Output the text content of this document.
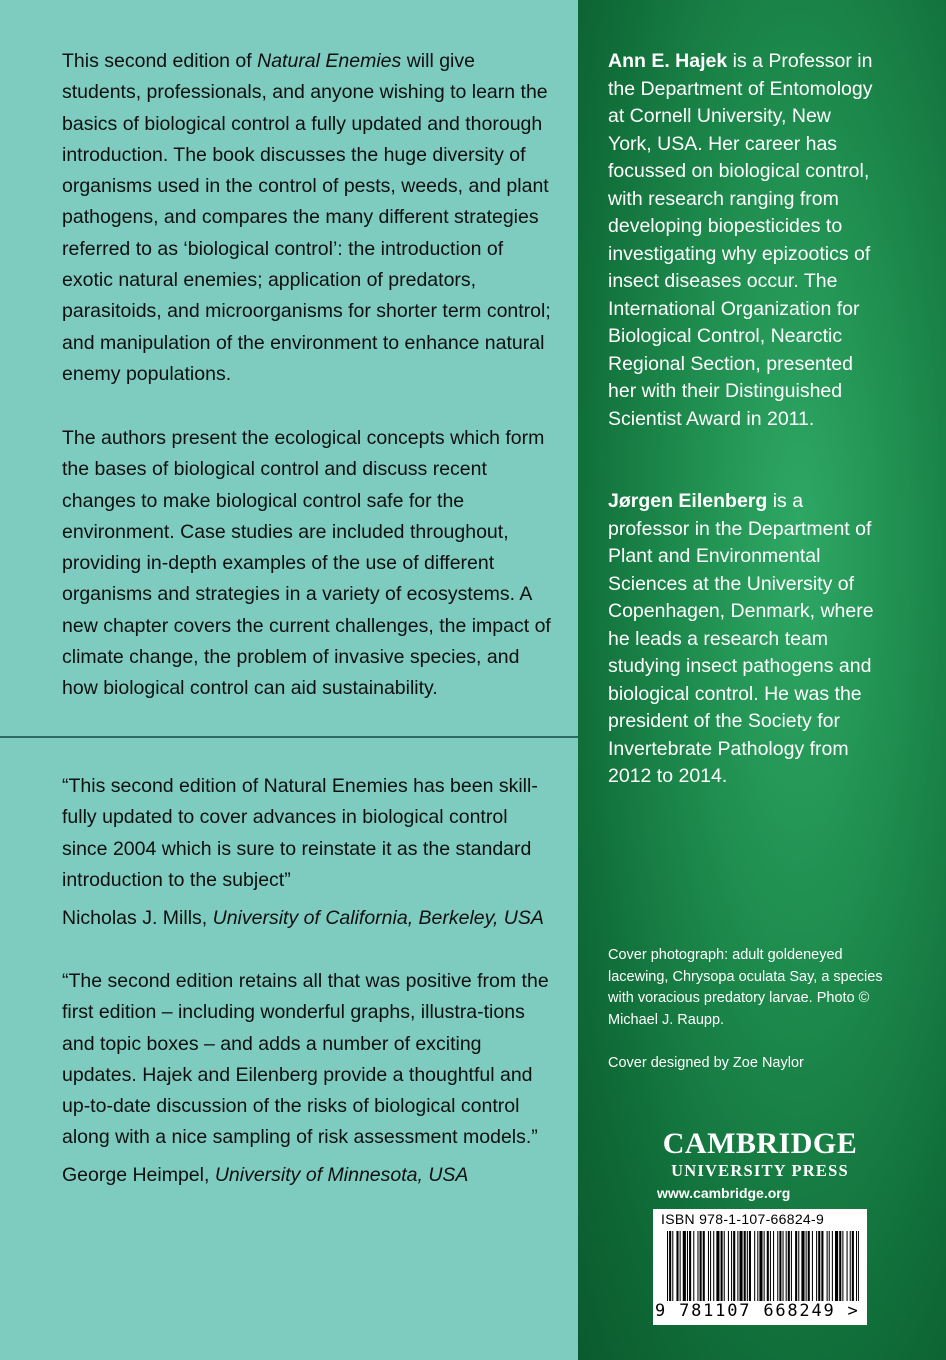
This second edition of Natural Enemies will give students, professionals, and anyone wishing to learn the basics of biological control a fully updated and thorough introduction. The book discusses the huge diversity of organisms used in the control of pests, weeds, and plant pathogens, and compares the many different strategies referred to as ‘biological control’: the introduction of exotic natural enemies; application of predators, parasitoids, and microorganisms for shorter term control; and manipulation of the environment to enhance natural enemy populations.

The authors present the ecological concepts which form the bases of biological control and discuss recent changes to make biological control safe for the environment. Case studies are included throughout, providing in-depth examples of the use of different organisms and strategies in a variety of ecosystems. A new chapter covers the current challenges, the impact of climate change, the problem of invasive species, and how biological control can aid sustainability.

“This second edition of Natural Enemies has been skill-fully updated to cover advances in biological control since 2004 which is sure to reinstate it as the standard introduction to the subject”

Nicholas J. Mills, University of California, Berkeley, USA

“The second edition retains all that was positive from the first edition – including wonderful graphs, illustra-tions and topic boxes – and adds a number of exciting updates. Hajek and Eilenberg provide a thoughtful and up-to-date discussion of the risks of biological control along with a nice sampling of risk assessment models.”

George Heimpel, University of Minnesota, USA

Ann E. Hajek is a Professor in the Department of Entomology at Cornell University, New York, USA. Her career has focussed on biological control, with research ranging from developing biopesticides to investigating why epizootics of insect diseases occur. The International Organization for Biological Control, Nearctic Regional Section, presented her with their Distinguished Scientist Award in 2011.

Jørgen Eilenberg is a professor in the Department of Plant and Environmental Sciences at the University of Copenhagen, Denmark, where he leads a research team studying insect pathogens and biological control. He was the president of the Society for Invertebrate Pathology from 2012 to 2014.

Cover photograph: adult goldeneyed lacewing, Chrysopa oculata Say, a species with voracious predatory larvae. Photo © Michael J. Raupp.
Cover designed by Zoe Naylor
CAMBRIDGE
UNIVERSITY PRESS
www.cambridge.org
ISBN 978-1-107-66824-9
9 781107 668249 >
